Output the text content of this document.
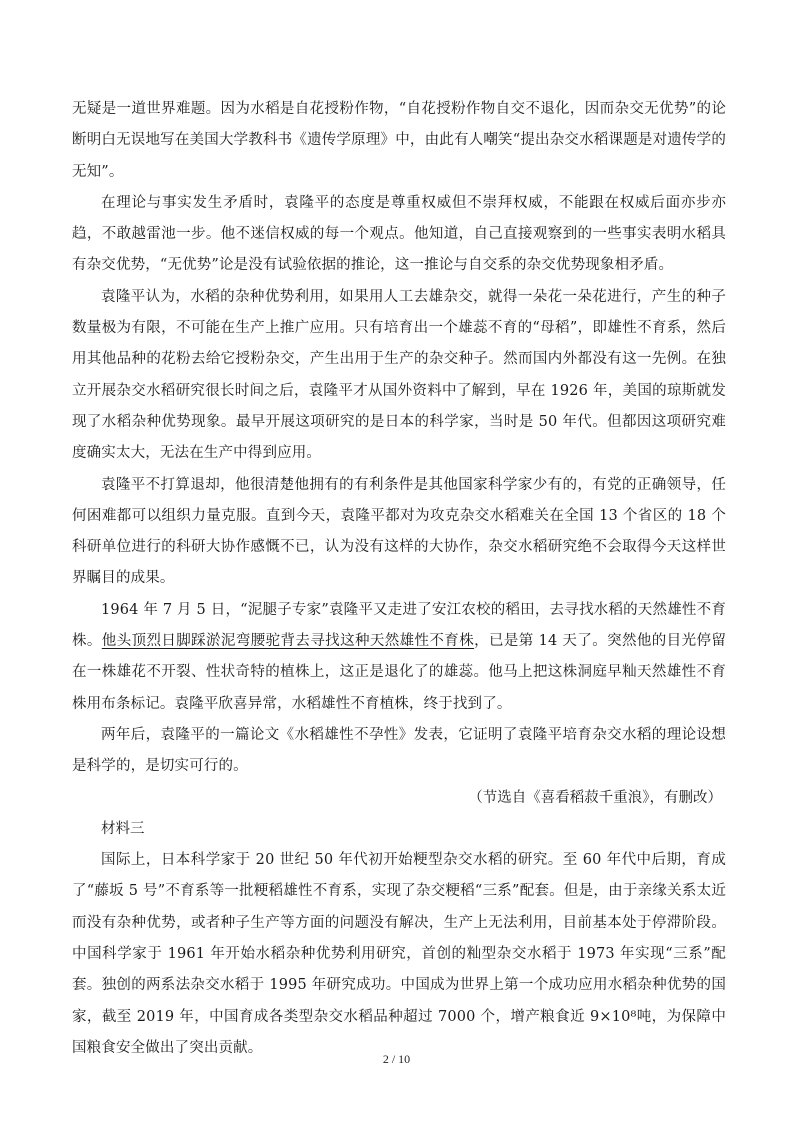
无疑是一道世界难题。因为水稻是自花授粉作物，“自花授粉作物自交不退化，因而杂交无优势”的论断明白无误地写在美国大学教科书《遗传学原理》中，由此有人嘲笑“提出杂交水稻课题是对遗传学的无知”。

在理论与事实发生矛盾时，袁隆平的态度是尊重权威但不崇拜权威，不能跟在权威后面亦步亦趋，不敢越雷池一步。他不迷信权威的每一个观点。他知道，自己直接观察到的一些事实表明水稻具有杂交优势，“无优势”论是没有试验依据的推论，这一推论与自交系的杂交优势现象相矛盾。

袁隆平认为，水稻的杂种优势利用，如果用人工去雄杂交，就得一朵花一朵花进行，产生的种子数量极为有限，不可能在生产上推广应用。只有培育出一个雄蕊不育的“母稻”，即雄性不育系，然后用其他品种的花粉去给它授粉杂交，产生出用于生产的杂交种子。然而国内外都没有这一先例。在独立开展杂交水稻研究很长时间之后，袁隆平才从国外资料中了解到，早在 1926 年，美国的琼斯就发现了水稻杂种优势现象。最早开展这项研究的是日本的科学家，当时是 50 年代。但都因这项研究难度确实太大，无法在生产中得到应用。

袁隆平不打算退却，他很清楚他拥有的有利条件是其他国家科学家少有的，有党的正确领导，任何困难都可以组织力量克服。直到今天，袁隆平都对为攻克杂交水稻难关在全国 13 个省区的 18 个科研单位进行的科研大协作感慨不已，认为没有这样的大协作，杂交水稻研究绝不会取得今天这样世界瞩目的成果。

1964 年 7 月 5 日，“泥腿子专家”袁隆平又走进了安江农校的稻田，去寻找水稻的天然雄性不育株。他头顶烈日脚踩淤泥弯腰驼背去寻找这种天然雄性不育株，已是第 14 天了。突然他的目光停留在一株雄花不开裂、性状奇特的植株上，这正是退化了的雄蕊。他马上把这株洞庭早籼天然雄性不育株用布条标记。袁隆平欣喜异常，水稻雄性不育植株，终于找到了。

两年后，袁隆平的一篇论文《水稻雄性不孕性》发表，它证明了袁隆平培育杂交水稻的理论设想是科学的，是切实可行的。

（节选自《喜看稻菽千重浪》，有删改）

材料三

国际上，日本科学家于 20 世纪 50 年代初开始粳型杂交水稻的研究。至 60 年代中后期，育成了“藤坂 5 号”不育系等一批粳稻雄性不育系，实现了杂交粳稻“三系”配套。但是，由于亲缘关系太近而没有杂种优势，或者种子生产等方面的问题没有解决，生产上无法利用，目前基本处于停滞阶段。中国科学家于 1961 年开始水稻杂种优势利用研究，首创的籼型杂交水稻于 1973 年实现“三系”配套。独创的两系法杂交水稻于 1995 年研究成功。中国成为世界上第一个成功应用水稻杂种优势的国家，截至 2019 年，中国育成各类型杂交水稻品种超过 7000 个，增产粮食近 9×10⁸吨，为保障中国粮食安全做出了突出贡献。

2 / 10
